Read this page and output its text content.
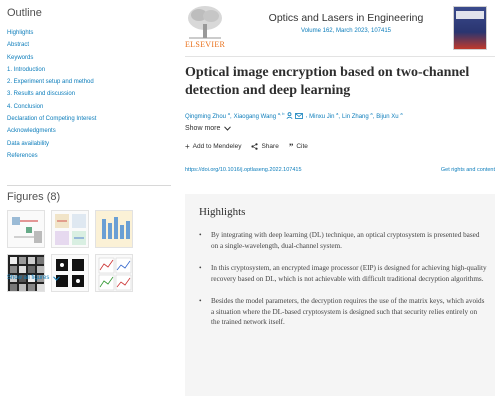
Outline
Highlights
Abstract
Keywords
1. Introduction
2. Experiment setup and method
3. Results and discussion
4. Conclusion
Declaration of Competing Interest
Acknowledgments
Data availability
References
Figures (8)
Show all figures
ELSEVIER
Optics and Lasers in Engineering
Volume 162, March 2023, 107415
Optical image encryption based on two-channel detection and deep learning
Qingming Zhou $^a$, Xiaogang Wang $^{a, b}$	, Minxu Jin $^a$, Lin Zhang $^a$, Bijun Xu $^a$
Show more
+ Add to Mendeley	Share ” Cite
https://doi.org/10.1016/j.optlaseng.2022.107415	Get rights and content
Highlights
•	By integrating with deep learning (DL) technique, an optical cryptosystem is presented based on a single-wavelength, dual-channel system.
•	In this cryptosystem, an encrypted image processor (EIP) is designed for achieving high-quality recovery based on DL, which is not achievable with difficult traditional decryption algorithms.
•	Besides the model parameters, the decryption requires the use of the matrix keys, which avoids a situation where the DL-based cryptosystem is designed such that security relies entirely on the trained network itself.
